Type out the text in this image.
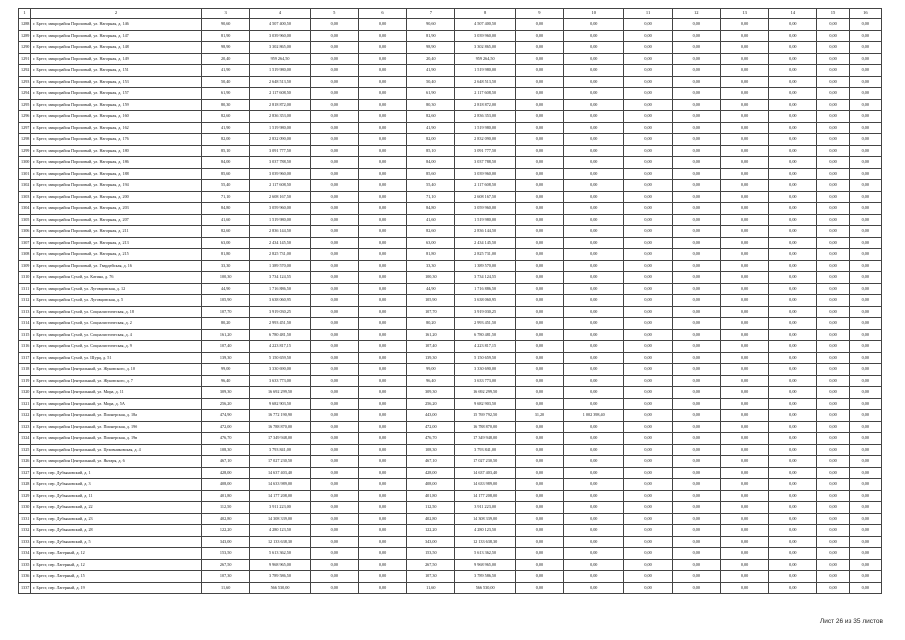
1	2	3	4	5	6	7	8	9	10	11	12	13	14	15	16
1288	г. Брест, микрорайон Пороховый, ул. Нагорная, д. 146	90,60	4 507 400,50	0,00	0,00	90,60	4 507 400,50	0,00	0,00	0,00	0,00	0,00	0,00	0,00	0,00
1289	г. Брест, микрорайон Пороховый, ул. Нагорная, д. 147	81,90	3 039 960,00	0,00	0,00	81,90	3 039 960,00	0,00	0,00	0,00	0,00	0,00	0,00	0,00	0,00
1290	г. Брест, микрорайон Пороховый, ул. Нагорная, д. 148	98,90	3 302 865,00	0,00	0,00	98,90	3 302 865,00	0,00	0,00	0,00	0,00	0,00	0,00	0,00	0,00
1291	г. Брест, микрорайон Пороховый, ул. Нагорная, д. 149	20,40	959 264,50	0,00	0,00	20,40	959 264,50	0,00	0,00	0,00	0,00	0,00	0,00	0,00	0,00
1292	г. Брест, микрорайон Пороховый, ул. Нагорная, д. 151	41,90	1 519 980,00	0,00	0,00	41,90	1 519 980,00	0,00	0,00	0,00	0,00	0,00	0,00	0,00	0,00
1293	г. Брест, микрорайон Пороховый, ул. Нагорная, д. 153	50,40	2 648 513,50	0,00	0,00	50,40	2 648 513,50	0,00	0,00	0,00	0,00	0,00	0,00	0,00	0,00
1294	г. Брест, микрорайон Пороховый, ул. Нагорная, д. 157	61,90	2 117 608,50	0,00	0,00	61,90	2 117 608,50	0,00	0,00	0,00	0,00	0,00	0,00	0,00	0,00
1295	г. Брест, микрорайон Пороховый, ул. Нагорная, д. 159	80,30	2 818 872,00	0,00	0,00	80,30	2 818 872,00	0,00	0,00	0,00	0,00	0,00	0,00	0,00	0,00
1296	г. Брест, микрорайон Пороховый, ул. Нагорная, д. 160	82,60	2 836 353,00	0,00	0,00	82,60	2 836 353,00	0,00	0,00	0,00	0,00	0,00	0,00	0,00	0,00
1297	г. Брест, микрорайон Пороховый, ул. Нагорная, д. 162	41,90	1 519 980,00	0,00	0,00	41,90	1 519 980,00	0,00	0,00	0,00	0,00	0,00	0,00	0,00	0,00
1298	г. Брест, микрорайон Пороховый, ул. Нагорная, д. 176	82,00	2 832 090,00	0,00	0,00	82,00	2 832 090,00	0,00	0,00	0,00	0,00	0,00	0,00	0,00	0,00
1299	г. Брест, микрорайон Пороховый, ул. Нагорная, д. 180	85,10	3 091 777,50	0,00	0,00	85,10	3 091 777,50	0,00	0,00	0,00	0,00	0,00	0,00	0,00	0,00
1300	г. Брест, микрорайон Пороховый, ул. Нагорная, д. 186	84,00	3 037 788,50	0,00	0,00	84,00	3 037 788,50	0,00	0,00	0,00	0,00	0,00	0,00	0,00	0,00
1301	г. Брест, микрорайон Пороховый, ул. Нагорная, д. 188	85,60	3 039 960,00	0,00	0,00	85,60	3 039 960,00	0,00	0,00	0,00	0,00	0,00	0,00	0,00	0,00
1302	г. Брест, микрорайон Пороховый, ул. Нагорная, д. 194	55,40	2 117 608,50	0,00	0,00	55,40	2 117 608,50	0,00	0,00	0,00	0,00	0,00	0,00	0,00	0,00
1303	г. Брест, микрорайон Пороховый, ул. Нагорная, д. 200	71,10	2 608 167,50	0,00	0,00	71,10	2 608 167,50	0,00	0,00	0,00	0,00	0,00	0,00	0,00	0,00
1304	г. Брест, микрорайон Пороховый, ул. Нагорная, д. 203	84,80	3 059 960,00	0,00	0,00	84,80	3 059 960,00	0,00	0,00	0,00	0,00	0,00	0,00	0,00	0,00
1305	г. Брест, микрорайон Пороховый, ул. Нагорная, д. 207	41,60	1 519 980,00	0,00	0,00	41,60	1 519 980,00	0,00	0,00	0,00	0,00	0,00	0,00	0,00	0,00
1306	г. Брест, микрорайон Пороховый, ул. Нагорная, д. 211	82,60	2 836 144,50	0,00	0,00	82,60	2 836 144,50	0,00	0,00	0,00	0,00	0,00	0,00	0,00	0,00
1307	г. Брест, микрорайон Пороховый, ул. Нагорная, д. 213	63,00	2 434 145,50	0,00	0,00	63,00	2 434 145,50	0,00	0,00	0,00	0,00	0,00	0,00	0,00	0,00
1308	г. Брест, микрорайон Пороховый, ул. Нагорная, д. 215	81,80	2 825 731,00	0,00	0,00	81,80	2 825 731,00	0,00	0,00	0,00	0,00	0,00	0,00	0,00	0,00
1309	г. Брест, микрорайон Пороховый, ул. Гвардейская, д. 16	33,30	1 389 570,00	0,00	0,00	33,30	1 389 570,00	0,00	0,00	0,00	0,00	0,00	0,00	0,00	0,00
1310	г. Брест, микрорайон Сухой, ул. Катина, д. 76	100,30	3 734 124,55	0,00	0,00	100,30	3 734 124,55	0,00	0,00	0,00	0,00	0,00	0,00	0,00	0,00
1311	г. Брест, микрорайон Сухой, ул. Луговцовская, д. 12	44,90	1 716 886,50	0,00	0,00	44,90	1 716 886,50	0,00	0,00	0,00	0,00	0,00	0,00	0,00	0,00
1312	г. Брест, микрорайон Сухой, ул. Луговцовская, д. 5	105,90	3 638 060,95	0,00	0,00	105,90	3 638 060,95	0,00	0,00	0,00	0,00	0,00	0,00	0,00	0,00
1313	г. Брест, микрорайон Сухой, ул. Социалистическая, д. 18	107,70	3 919 030,25	0,00	0,00	107,70	3 919 030,25	0,00	0,00	0,00	0,00	0,00	0,00	0,00	0,00
1314	г. Брест, микрорайон Сухой, ул. Социалистическая, д. 2	80,20	2 993 451,50	0,00	0,00	80,20	2 993 451,50	0,00	0,00	0,00	0,00	0,00	0,00	0,00	0,00
1315	г. Брест, микрорайон Сухой, ул. Социалистическая, д. 4	161,20	6 780 481,50	0,00	0,00	161,20	6 780 481,50	0,00	0,00	0,00	0,00	0,00	0,00	0,00	0,00
1316	г. Брест, микрорайон Сухой, ул. Социалистическая, д. 9	107,40	4 223 817,15	0,00	0,00	107,40	4 223 817,15	0,00	0,00	0,00	0,00	0,00	0,00	0,00	0,00
1317	г. Брест, микрорайон Сухой, ул. Шурц, д. 51	139,30	5 150 659,50	0,00	0,00	139,30	5 150 659,50	0,00	0,00	0,00	0,00	0,00	0,00	0,00	0,00
1318	г. Брест, микрорайон Центральный, ул. Жуковского, д. 10	99,00	3 330 690,00	0,00	0,00	99,00	3 330 690,00	0,00	0,00	0,00	0,00	0,00	0,00	0,00	0,00
1319	г. Брест, микрорайон Центральный, ул. Жуковского, д. 7	96,40	3 633 773,00	0,00	0,00	96,40	3 633 773,00	0,00	0,00	0,00	0,00	0,00	0,00	0,00	0,00
1320	г. Брест, микрорайон Центральный, ул. Мира, д. 11	309,30	16 692 299,50	0,00	0,00	309,30	16 692 299,50	0,00	0,00	0,00	0,00	0,00	0,00	0,00	0,00
1321	г. Брест, микрорайон Центральный, ул. Мира, д. 5А	256,20	9 682 903,50	0,00	0,00	256,20	9 682 903,50	0,00	0,00	0,00	0,00	0,00	0,00	0,00	0,00
1322	г. Брест, микрорайон Центральный, ул. Пионерская, д. 18а	474,90	16 772 190,90	0,00	0,00	443,00	15 769 792,50	31,20	1 002 398,40	0,00	0,00	0,00	0,00	0,00	0,00
1323	г. Брест, микрорайон Центральный, ул. Пионерская, д. 19б	472,00	16 788 870,00	0,00	0,00	472,00	16 788 870,00	0,00	0,00	0,00	0,00	0,00	0,00	0,00	0,00
1324	г. Брест, микрорайон Центральный, ул. Пионерская, д. 19в	476,70	17 349 948,00	0,00	0,00	476,70	17 349 948,00	0,00	0,00	0,00	0,00	0,00	0,00	0,00	0,00
1325	г. Брест, микрорайон Центральный, ул. Цеховниковская, д. 4	108,30	3 793 841,00	0,00	0,00	108,30	3 793 841,00	0,00	0,00	0,00	0,00	0,00	0,00	0,00	0,00
1326	г. Брест, микрорайон Центральный, ул. Янтаря, д. 6	467,10	17 027 230,50	0,00	0,00	467,10	17 027 230,50	0,00	0,00	0,00	0,00	0,00	0,00	0,00	0,00
1327	г. Брест, пер. Дубьяновский, д. 1	428,00	14 637 403,40	0,00	0,00	428,00	14 637 403,40	0,00	0,00	0,00	0,00	0,00	0,00	0,00	0,00
1328	г. Брест, пер. Дубьяновский, д. 3	408,00	14 633 989,00	0,00	0,00	408,00	14 633 989,00	0,00	0,00	0,00	0,00	0,00	0,00	0,00	0,00
1329	г. Брест, пер. Дубьяновский, д. 11	401,80	14 177 208,00	0,00	0,00	401,80	14 177 208,00	0,00	0,00	0,00	0,00	0,00	0,00	0,00	0,00
1330	г. Брест, пер. Дубьяновский, д. 22	112,50	3 911 223,00	0,00	0,00	112,50	3 911 223,00	0,00	0,00	0,00	0,00	0,00	0,00	0,00	0,00
1331	г. Брест, пер. Дубьяновский, д. 23	402,80	14 308 339,00	0,00	0,00	402,80	14 308 339,00	0,00	0,00	0,00	0,00	0,00	0,00	0,00	0,00
1332	г. Брест, пер. Дубьяновский, д. 28	122,20	4 280 123,50	0,00	0,00	122,20	4 280 123,50	0,00	0,00	0,00	0,00	0,00	0,00	0,00	0,00
1333	г. Брест, пер. Дубьяновский, д. 5	343,00	12 133 638,30	0,00	0,00	343,00	12 133 638,30	0,00	0,00	0,00	0,00	0,00	0,00	0,00	0,00
1334	г. Брест, пер. Лагерный, д. 12	153,50	5 613 362,50	0,00	0,00	153,50	5 613 362,50	0,00	0,00	0,00	0,00	0,00	0,00	0,00	0,00
1335	г. Брест, пер. Лагерный, д. 12	267,50	9 968 965,00	0,00	0,00	267,50	9 968 965,00	0,00	0,00	0,00	0,00	0,00	0,00	0,00	0,00
1336	г. Брест, пер. Лагерный, д. 15	107,30	3 789 586,50	0,00	0,00	107,30	3 789 586,50	0,00	0,00	0,00	0,00	0,00	0,00	0,00	0,00
1337	г. Брест, пер. Лагерный, д. 19	11,60	566 530,00	0,00	0,00	11,60	566 530,00	0,00	0,00	0,00	0,00	0,00	0,00	0,00	0,00
Лист 26 из 35 листов
